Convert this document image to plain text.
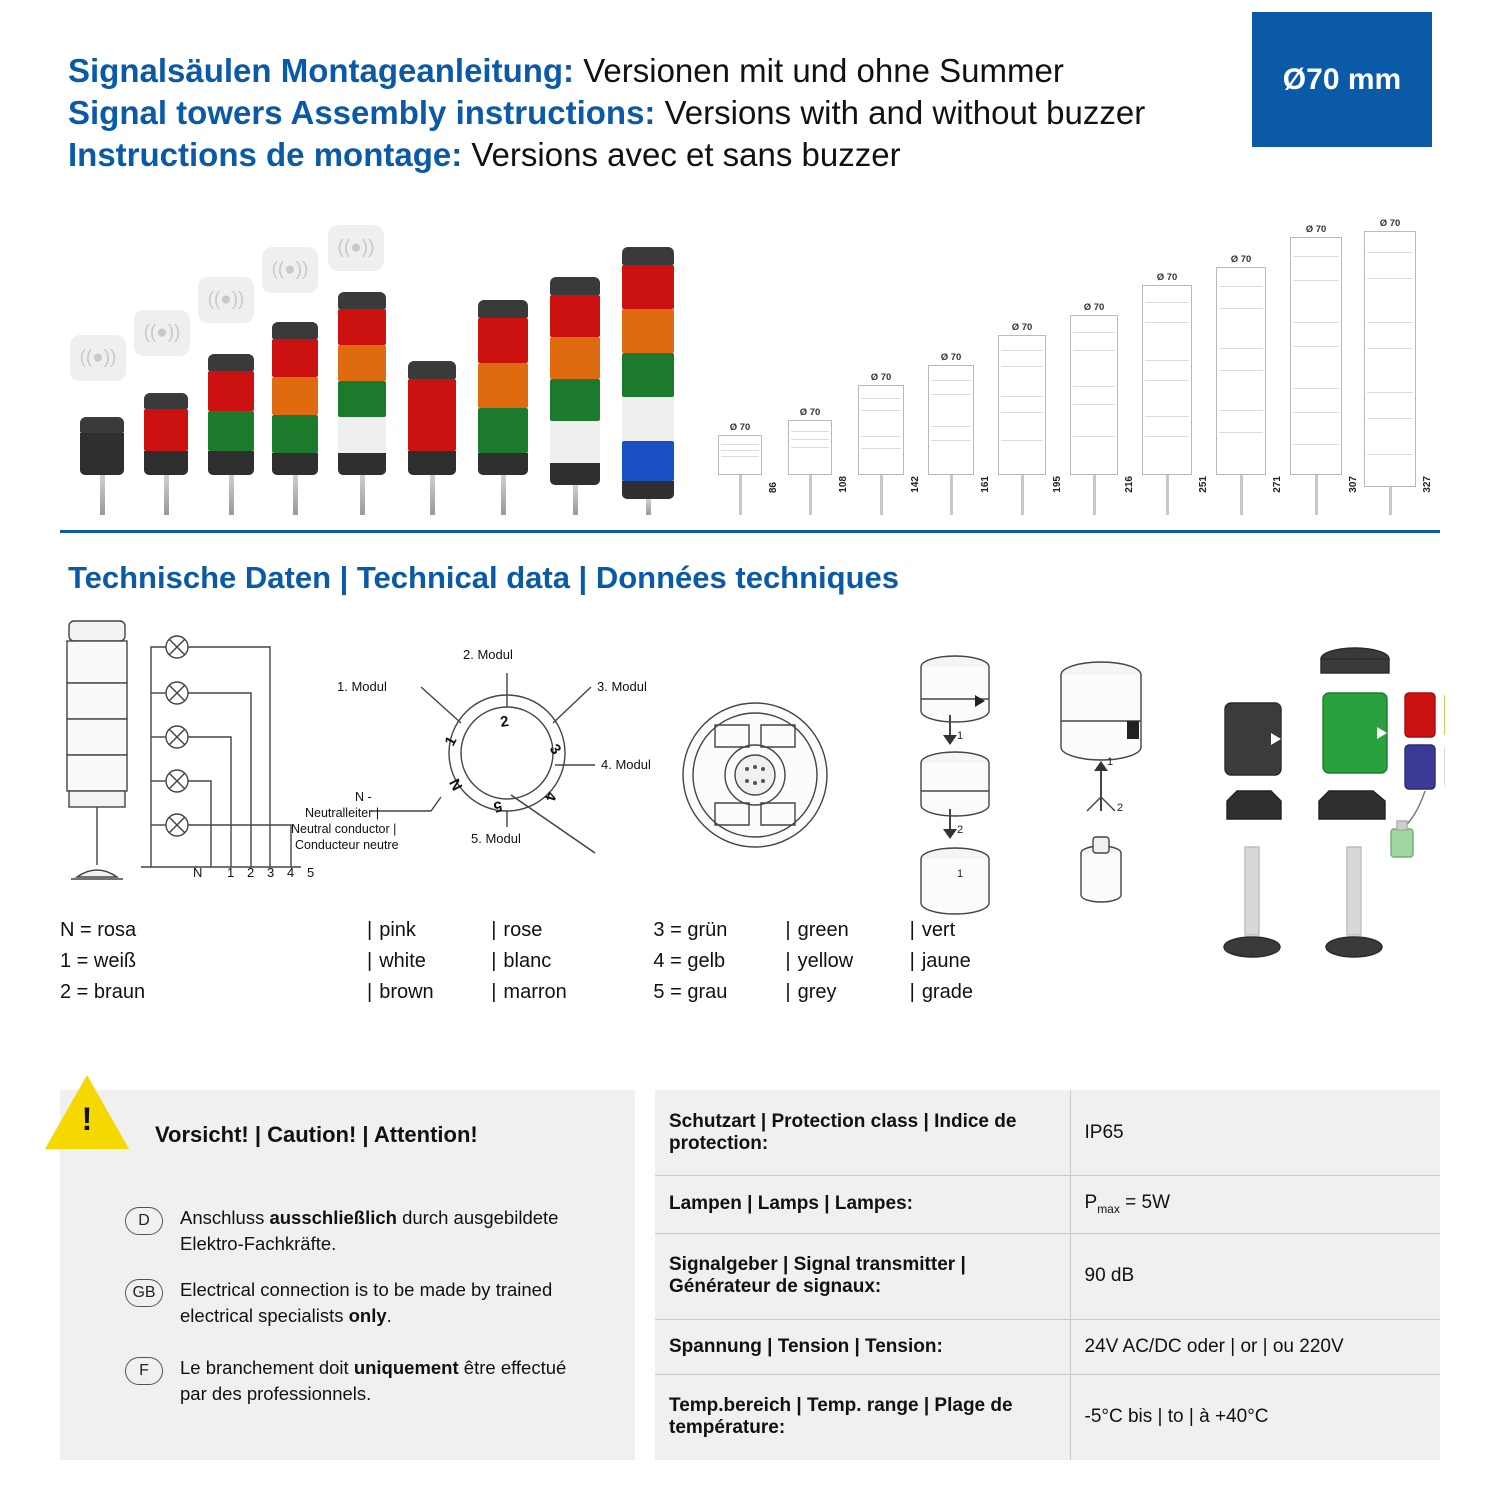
Signalsäulen Montageanleitung: Versionen mit und ohne Summer
Signal towers Assembly instructions: Versions with and without buzzer
Instructions de montage: Versions avec et sans buzzer
Ø70 mm
((●))
((●))
((●))
((●))
((●))
Ø 70
86
Ø 70
108
Ø 70
142
Ø 70
161
Ø 70
195
Ø 70
216
Ø 70
251
Ø 70
271
Ø 70
307
Ø 70
327
Technische Daten | Technical data | Données techniques
1
2
1
2
1
N 1 2 3 4 5
2. Modul
1. Modul	3. Modul
4. Modul
5. Modul
1
2
3
4
5
N
N -
Neutralleiter |
Neutral conductor |
Conducteur neutre
N = rosa	|	pink	|	rose	3 = grün	|	green	|	vert
1 = weiß	|	white	|	blanc	4 = gelb	|	yellow	|	jaune
2 = braun	|	brown	|	marron	5 = grau	|	grey	|	grade
!	Vorsicht! | Caution! | Attention!
D	Anschluss ausschließlich durch ausgebildete Elektro-Fachkräfte.
GB	Electrical connection is to be made by trained electrical specialists only.
F	Le branchement doit uniquement être effectué par des professionnels.
Schutzart | Protection class | Indice de protection:	IP65
Lampen | Lamps | Lampes:	$P_{max} = 5W$
Signalgeber | Signal transmitter | Générateur de signaux:	90 dB
Spannung | Tension | Tension:	24V AC/DC oder | or | ou 220V
Temp.bereich | Temp. range | Plage de température:	-5°C bis | to | à +40°C
